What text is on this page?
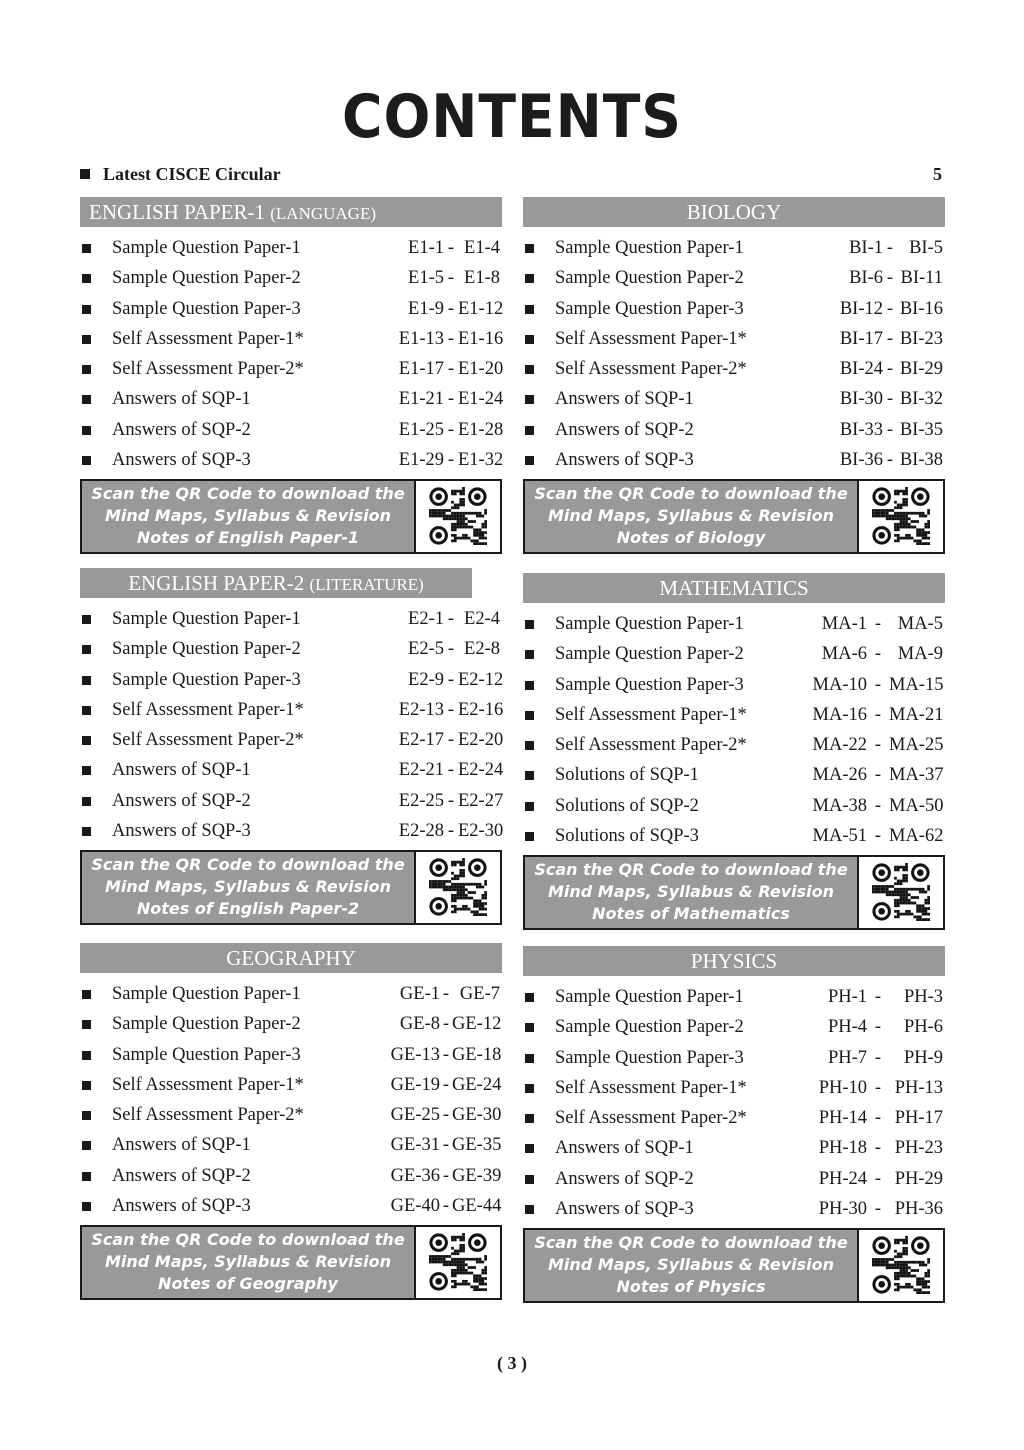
CONTENTS
Latest CISCE Circular	5
ENGLISH PAPER-1 (LANGUAGE)
Sample Question Paper-1	E1-1 - E1-4
Sample Question Paper-2	E1-5 - E1-8
Sample Question Paper-3	E1-9 - E1-12
Self Assessment Paper-1*	E1-13 - E1-16
Self Assessment Paper-2*	E1-17 - E1-20
Answers of SQP-1	E1-21 - E1-24
Answers of SQP-2	E1-25 - E1-28
Answers of SQP-3	E1-29 - E1-32
Scan the QR Code to download the
Mind Maps, Syllabus & Revision
Notes of English Paper-1
BIOLOGY
Sample Question Paper-1	BI-1 - BI-5
Sample Question Paper-2	BI-6 - BI-11
Sample Question Paper-3	BI-12 - BI-16
Self Assessment Paper-1*	BI-17 - BI-23
Self Assessment Paper-2*	BI-24 - BI-29
Answers of SQP-1	BI-30 - BI-32
Answers of SQP-2	BI-33 - BI-35
Answers of SQP-3	BI-36 - BI-38
Scan the QR Code to download the
Mind Maps, Syllabus & Revision
Notes of Biology
ENGLISH PAPER-2 (LITERATURE)
Sample Question Paper-1	E2-1 - E2-4
Sample Question Paper-2	E2-5 - E2-8
Sample Question Paper-3	E2-9 - E2-12
Self Assessment Paper-1*	E2-13 - E2-16
Self Assessment Paper-2*	E2-17 - E2-20
Answers of SQP-1	E2-21 - E2-24
Answers of SQP-2	E2-25 - E2-27
Answers of SQP-3	E2-28 - E2-30
Scan the QR Code to download the
Mind Maps, Syllabus & Revision
Notes of English Paper-2
MATHEMATICS
Sample Question Paper-1	MA-1 - MA-5
Sample Question Paper-2	MA-6 - MA-9
Sample Question Paper-3	MA-10 - MA-15
Self Assessment Paper-1*	MA-16 - MA-21
Self Assessment Paper-2*	MA-22 - MA-25
Solutions of SQP-1	MA-26 - MA-37
Solutions of SQP-2	MA-38 - MA-50
Solutions of SQP-3	MA-51 - MA-62
Scan the QR Code to download the
Mind Maps, Syllabus & Revision
Notes of Mathematics
GEOGRAPHY
Sample Question Paper-1	GE-1 - GE-7
Sample Question Paper-2	GE-8 - GE-12
Sample Question Paper-3	GE-13 - GE-18
Self Assessment Paper-1*	GE-19 - GE-24
Self Assessment Paper-2*	GE-25 - GE-30
Answers of SQP-1	GE-31 - GE-35
Answers of SQP-2	GE-36 - GE-39
Answers of SQP-3	GE-40 - GE-44
Scan the QR Code to download the
Mind Maps, Syllabus & Revision
Notes of Geography
PHYSICS
Sample Question Paper-1	PH-1 - PH-3
Sample Question Paper-2	PH-4 - PH-6
Sample Question Paper-3	PH-7 - PH-9
Self Assessment Paper-1*	PH-10 - PH-13
Self Assessment Paper-2*	PH-14 - PH-17
Answers of SQP-1	PH-18 - PH-23
Answers of SQP-2	PH-24 - PH-29
Answers of SQP-3	PH-30 - PH-36
Scan the QR Code to download the
Mind Maps, Syllabus & Revision
Notes of Physics
( 3 )
